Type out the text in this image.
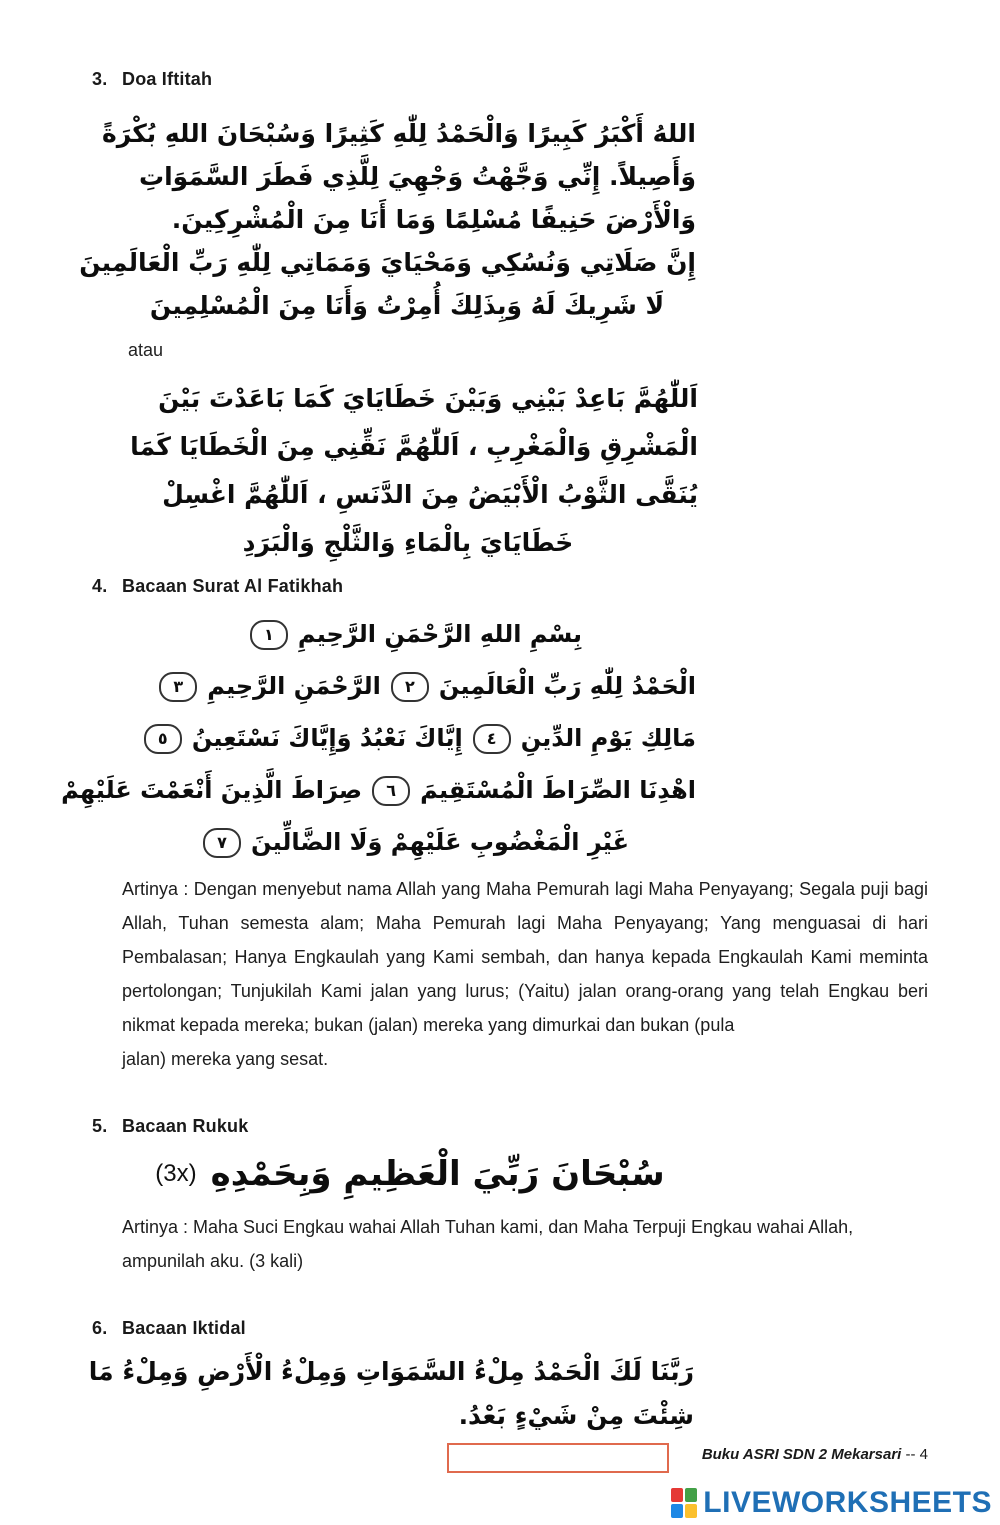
3. Doa Iftitah
اللهُ أَكْبَرُ كَبِيرًا وَالْحَمْدُ لِلّٰهِ كَثِيرًا وَسُبْحَانَ اللهِ بُكْرَةً
وَأَصِيلاً. إِنِّي وَجَّهْتُ وَجْهِيَ لِلَّذِي فَطَرَ السَّمَوَاتِ
وَالْأَرْضَ حَنِيفًا مُسْلِمًا وَمَا أَنَا مِنَ الْمُشْرِكِينَ.
إِنَّ صَلَاتِي وَنُسُكِي وَمَحْيَايَ وَمَمَاتِي لِلّٰهِ رَبِّ الْعَالَمِينَ
لَا شَرِيكَ لَهُ وَبِذَلِكَ أُمِرْتُ وَأَنَا مِنَ الْمُسْلِمِينَ
atau
اَللّٰهُمَّ بَاعِدْ بَيْنِي وَبَيْنَ خَطَايَايَ كَمَا بَاعَدْتَ بَيْنَ
الْمَشْرِقِ وَالْمَغْرِبِ ، اَللّٰهُمَّ نَقِّنِي مِنَ الْخَطَايَا كَمَا
يُنَقَّى الثَّوْبُ الْأَبْيَضُ مِنَ الدَّنَسِ ، اَللّٰهُمَّ اغْسِلْ
خَطَايَايَ بِالْمَاءِ وَالثَّلْجِ وَالْبَرَدِ
4. Bacaan Surat Al Fatikhah
بِسْمِ اللهِ الرَّحْمَنِ الرَّحِيمِ١
الْحَمْدُ لِلّٰهِ رَبِّ الْعَالَمِينَ٢الرَّحْمَنِ الرَّحِيمِ٣
مَالِكِ يَوْمِ الدِّينِ٤إِيَّاكَ نَعْبُدُ وَإِيَّاكَ نَسْتَعِينُ٥
اهْدِنَا الصِّرَاطَ الْمُسْتَقِيمَ٦صِرَاطَ الَّذِينَ أَنْعَمْتَ عَلَيْهِمْ
غَيْرِ الْمَغْضُوبِ عَلَيْهِمْ وَلَا الضَّالِّينَ٧
Artinya : Dengan menyebut nama Allah yang Maha Pemurah lagi Maha Penyayang; Segala puji bagi Allah, Tuhan semesta alam; Maha Pemurah lagi Maha Penyayang; Yang menguasai di hari Pembalasan; Hanya Engkaulah yang Kami sembah, dan hanya kepada Engkaulah Kami meminta pertolongan; Tunjukilah Kami jalan yang lurus; (Yaitu) jalan orang-orang yang telah Engkau beri nikmat kepada mereka; bukan (jalan) mereka yang dimurkai dan bukan (pula
jalan) mereka yang sesat.
5. Bacaan Rukuk
(3x) سُبْحَانَ رَبِّيَ الْعَظِيمِ وَبِحَمْدِهِ
Artinya : Maha Suci Engkau wahai Allah Tuhan kami, dan Maha Terpuji Engkau wahai Allah,
ampunilah aku. (3 kali)
6. Bacaan Iktidal
رَبَّنَا لَكَ الْحَمْدُ مِلْءُ السَّمَوَاتِ وَمِلْءُ الْأَرْضِ وَمِلْءُ مَا
شِئْتَ مِنْ شَيْءٍ بَعْدُ.
Buku ASRI SDN 2 Mekarsari -- 4
LIVEWORKSHEETS
